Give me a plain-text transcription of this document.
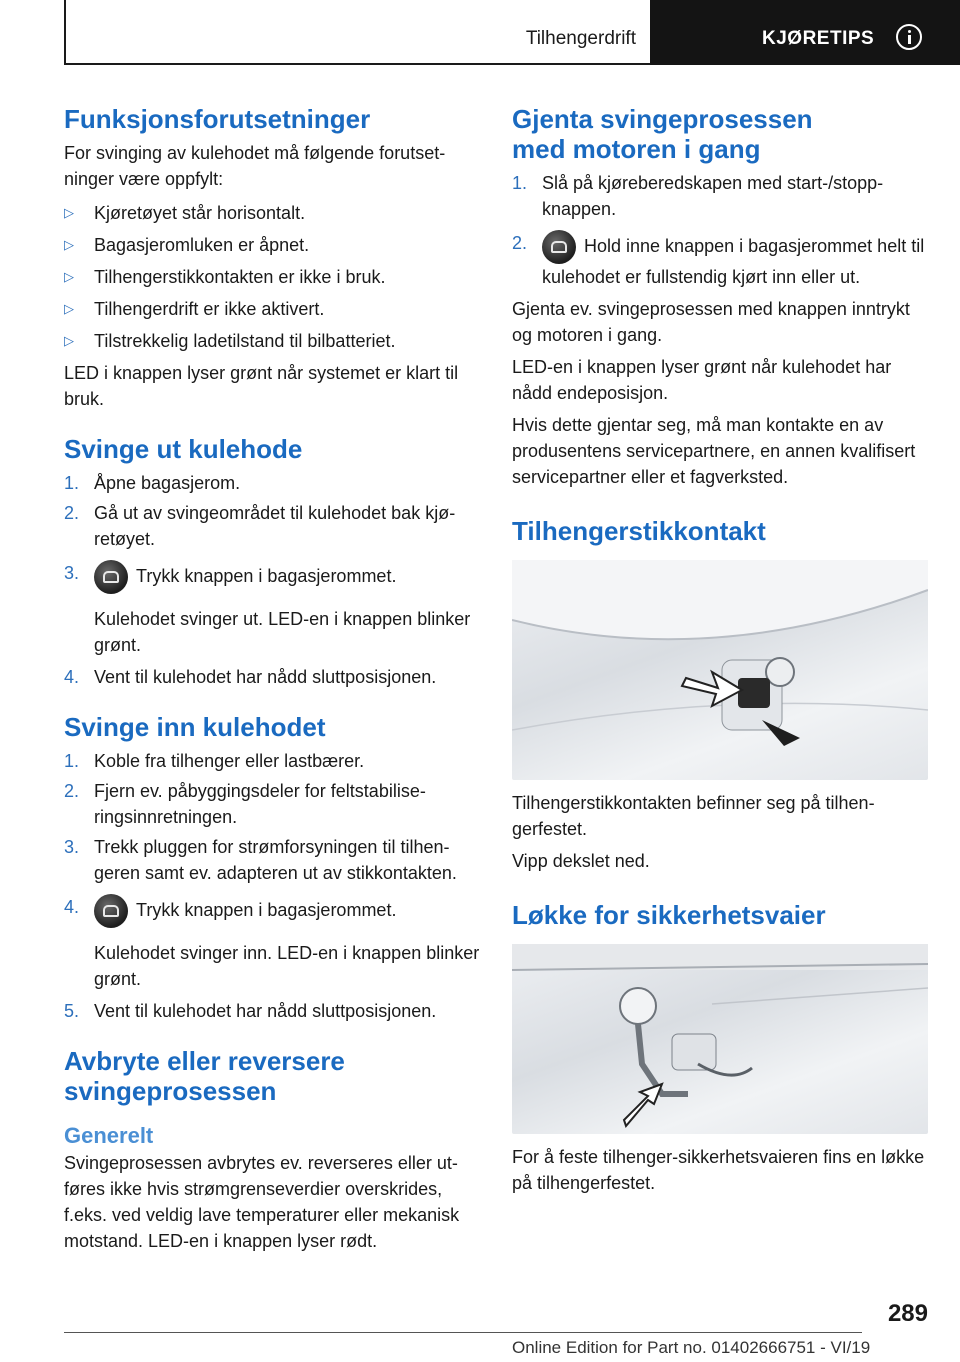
Tilhengerdrift	KJØRETIPS
Funksjonsforutsetninger

For svinging av kulehodet må følgende forutsetninger være oppfylt:

▷ Kjøretøyet står horisontalt.
▷ Bagasjeromluken er åpnet.
▷ Tilhengerstikkontakten er ikke i bruk.
▷ Tilhengerdrift er ikke aktivert.
▷ Tilstrekkelig ladetilstand til bilbatteriet.

LED i knappen lyser grønt når systemet er klart til bruk.

Svinge ut kulehode
1. Åpne bagasjerom.
2. Gå ut av svingeområdet til kulehodet bak kjøretøyet.
3.	Trykk knappen i bagasjerommet.

Kulehodet svinger ut. LED-en i knappen blinker grønt.

4. Vent til kulehodet har nådd sluttposisjonen.
Svinge inn kulehodet
1. Koble fra tilhenger eller lastbærer.
2. Fjern ev. påbyggingsdeler for feltstabiliseringsinnretningen.
3. Trekk pluggen for strømforsyningen til tilhengeren samt ev. adapteren ut av stikkontakten.
4.	Trykk knappen i bagasjerommet.

Kulehodet svinger inn. LED-en i knappen blinker grønt.

5. Vent til kulehodet har nådd sluttposisjonen.
Avbryte eller reversere svingeprosessen
Generelt

Svingeprosessen avbrytes ev. reverseres eller utføres ikke hvis strømgrenseverdier overskrides, f.eks. ved veldig lave temperaturer eller mekanisk motstand. LED-en i knappen lyser rødt.

Gjenta svingeprosessen med motoren i gang
1. Slå på kjøreberedskapen med start-/stopp-knappen.
2.	Hold inne knappen i bagasjerommet helt til kulehodet er fullstendig kjørt inn eller ut.

Gjenta ev. svingeprosessen med knappen inntrykt og motoren i gang.

LED-en i knappen lyser grønt når kulehodet har nådd endeposisjon.

Hvis dette gjentar seg, må man kontakte en av produsentens servicepartnere, en annen kvalifisert servicepartner eller et fagverksted.

Tilhengerstikkontakt

Tilhengerstikkontakten befinner seg på tilhengerfestet.

Vipp dekslet ned.

Løkke for sikkerhetsvaier

For å feste tilhenger-sikkerhetsvaieren fins en løkke på tilhengerfestet.

289
Online Edition for Part no. 01402666751 - VI/19
